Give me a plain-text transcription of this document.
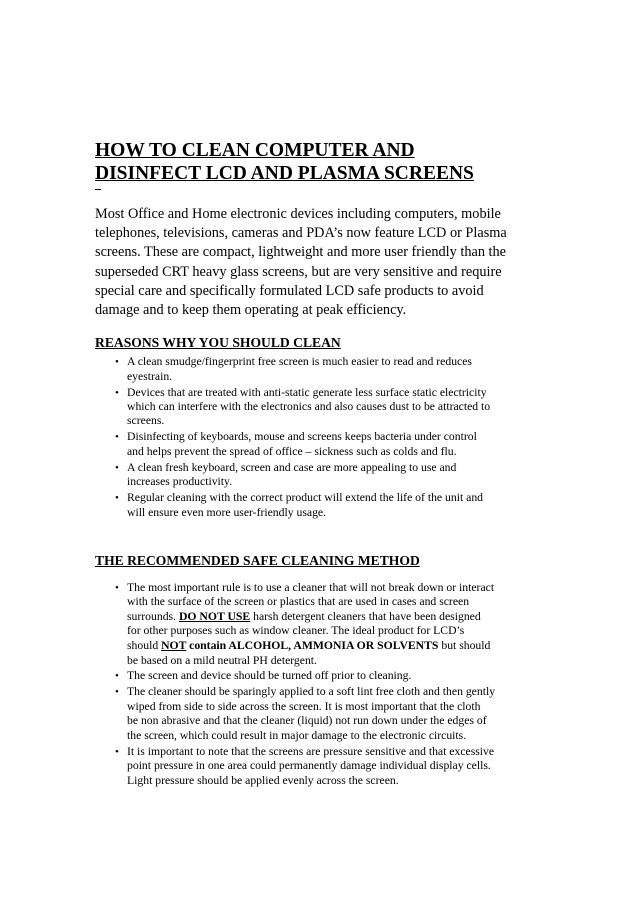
HOW TO CLEAN COMPUTER AND
DISINFECT LCD AND PLASMA SCREENS

Most Office and Home electronic devices including computers, mobile
telephones, televisions, cameras and PDA’s now feature LCD or Plasma
screens. These are compact, lightweight and more user friendly than the
superseded CRT heavy glass screens, but are very sensitive and require
special care and specifically formulated LCD safe products to avoid
damage and to keep them operating at peak efficiency.

REASONS WHY YOU SHOULD CLEAN
• A clean smudge/fingerprint free screen is much easier to read and reduces
eyestrain.
• Devices that are treated with anti-static generate less surface static electricity
which can interfere with the electronics and also causes dust to be attracted to
screens.
• Disinfecting of keyboards, mouse and screens keeps bacteria under control
and helps prevent the spread of office – sickness such as colds and flu.
• A clean fresh keyboard, screen and case are more appealing to use and
increases productivity.
• Regular cleaning with the correct product will extend the life of the unit and
will ensure even more user-friendly usage.
THE RECOMMENDED SAFE CLEANING METHOD
• The most important rule is to use a cleaner that will not break down or interact
with the surface of the screen or plastics that are used in cases and screen
surrounds. DO NOT USE harsh detergent cleaners that have been designed
for other purposes such as window cleaner. The ideal product for LCD’s
should NOT contain ALCOHOL, AMMONIA OR SOLVENTS but should
be based on a mild neutral PH detergent.
• The screen and device should be turned off prior to cleaning.
• The cleaner should be sparingly applied to a soft lint free cloth and then gently
wiped from side to side across the screen. It is most important that the cloth
be non abrasive and that the cleaner (liquid) not run down under the edges of
the screen, which could result in major damage to the electronic circuits.
• It is important to note that the screens are pressure sensitive and that excessive
point pressure in one area could permanently damage individual display cells.
Light pressure should be applied evenly across the screen.
